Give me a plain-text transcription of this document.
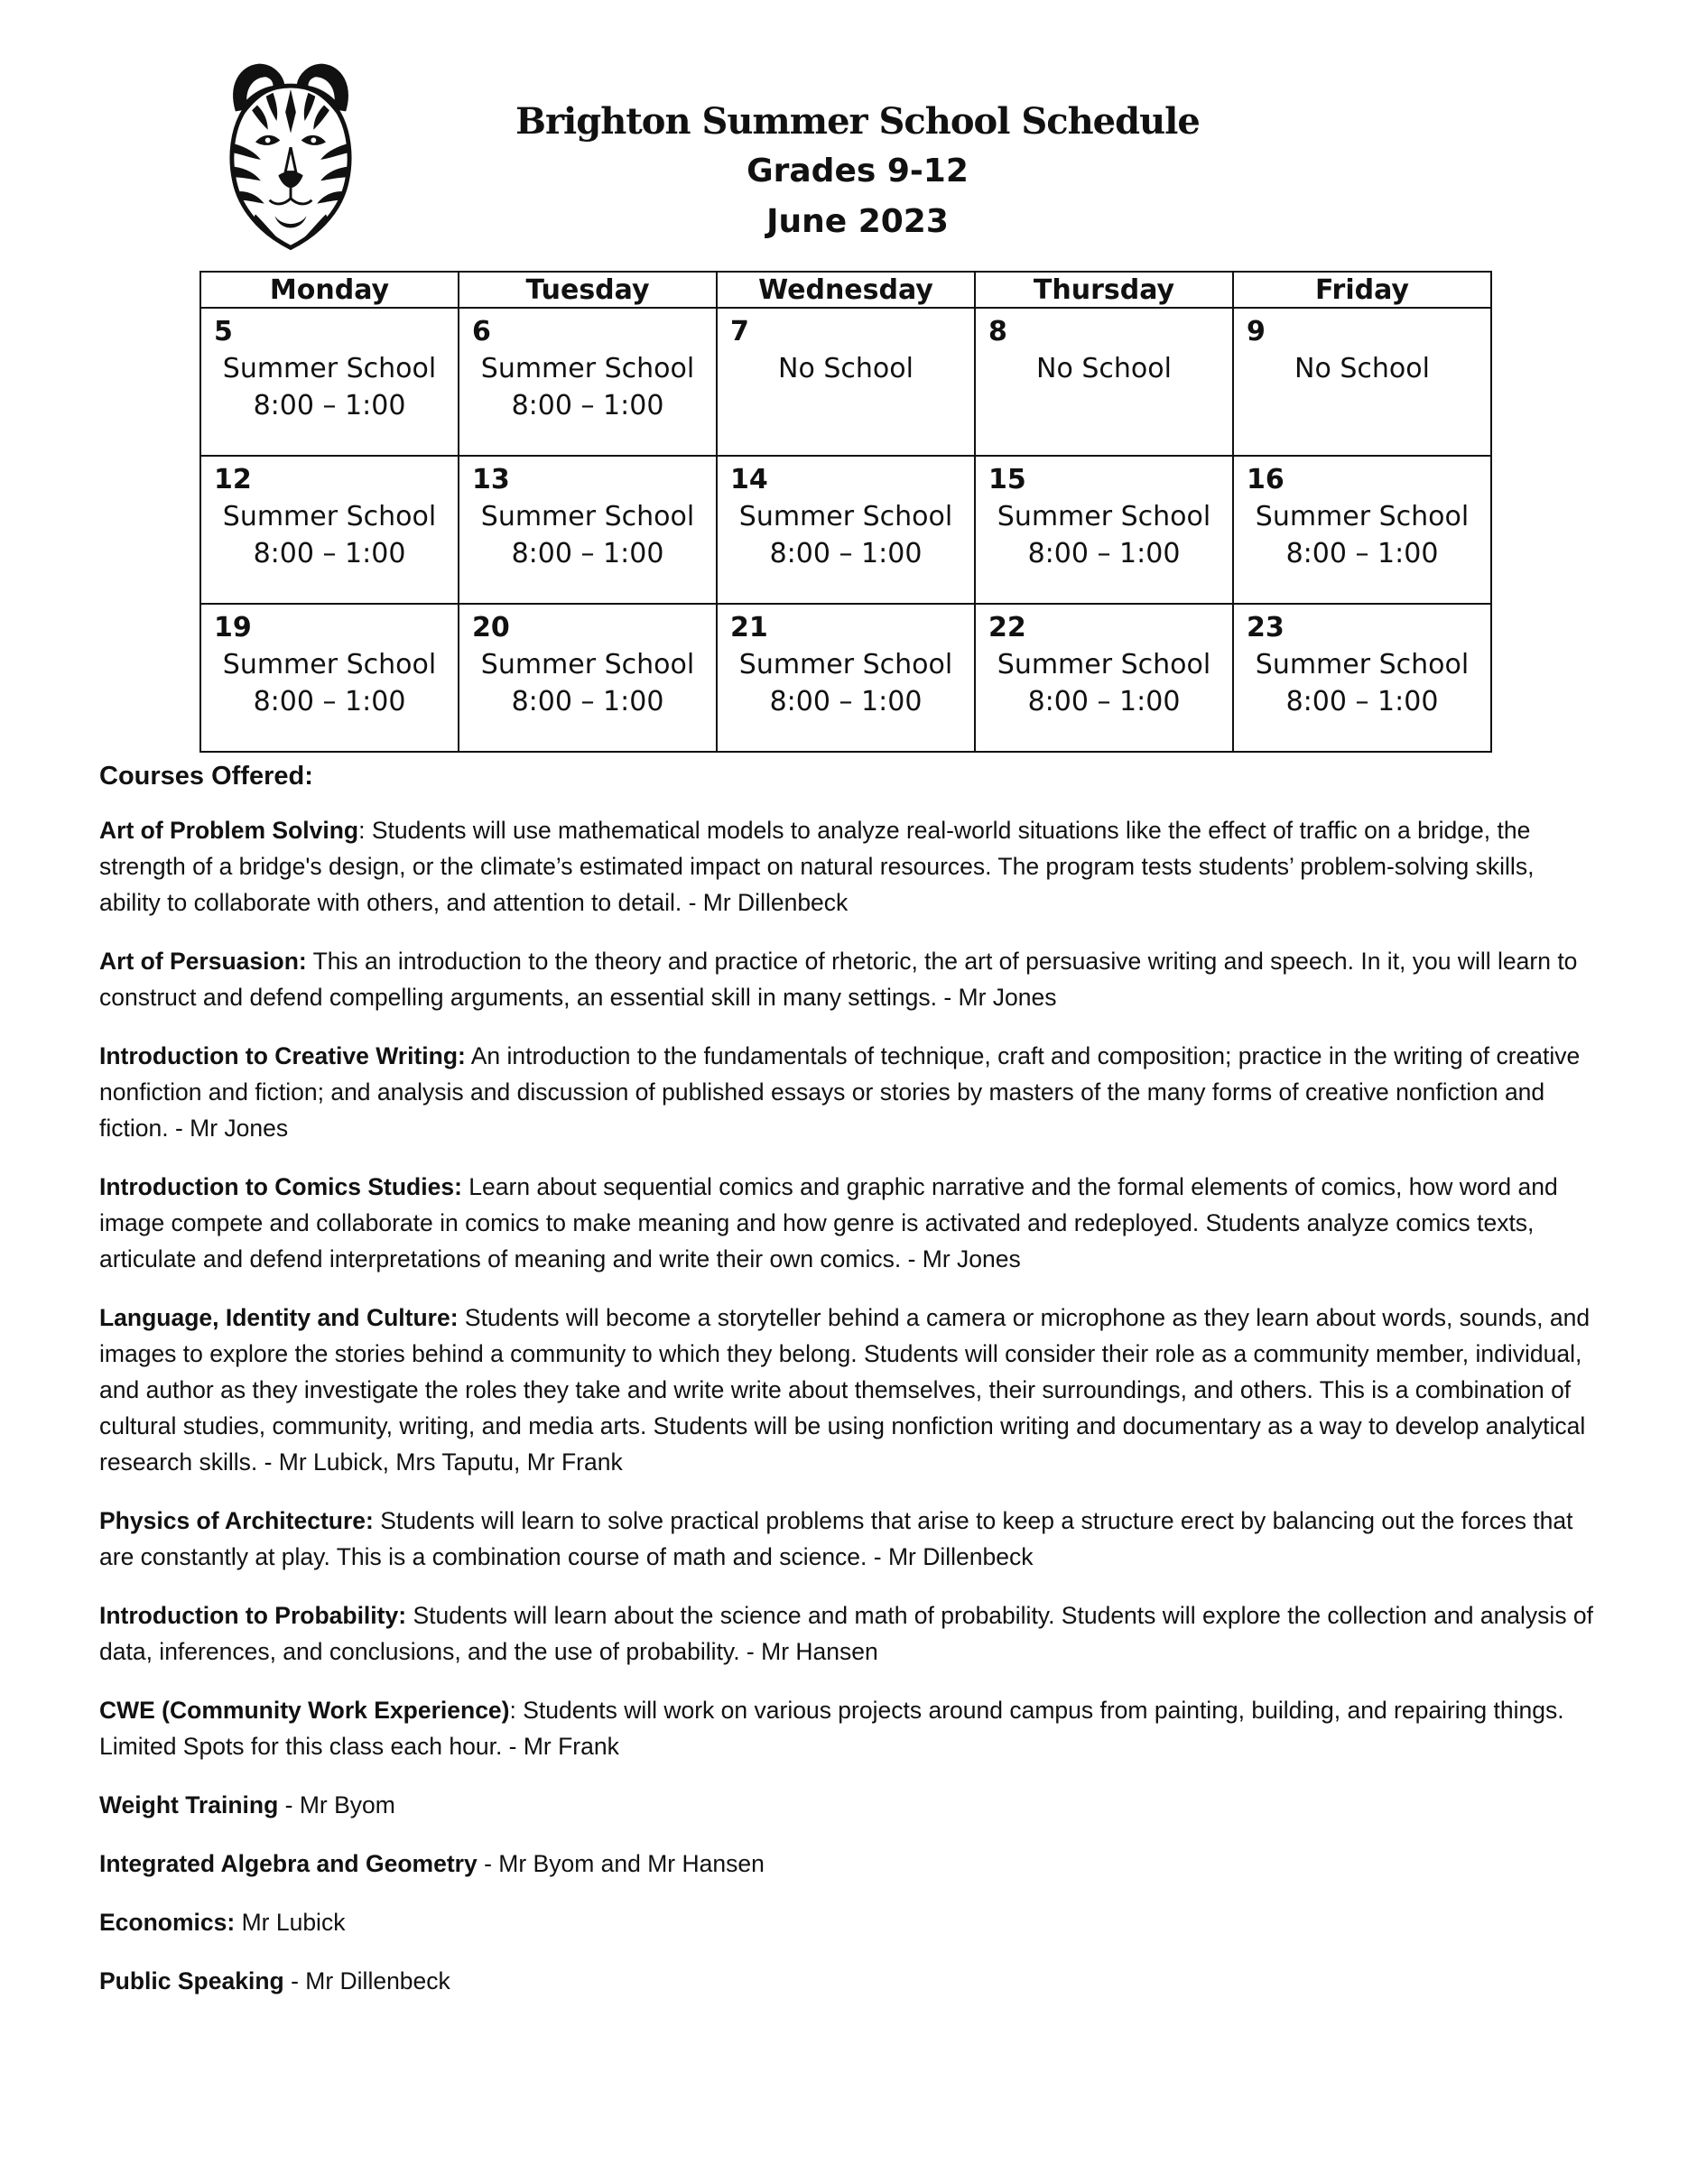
Brighton Summer School Schedule
Grades 9-12
June 2023
Monday	Tuesday	Wednesday	Thursday	Friday

5
Summer School
8:00 – 1:00	6
Summer School
8:00 – 1:00	7
No School	8
No School	9
No School

12
Summer School
8:00 – 1:00	13
Summer School
8:00 – 1:00	14
Summer School
8:00 – 1:00	15
Summer School
8:00 – 1:00	16
Summer School
8:00 – 1:00

19
Summer School
8:00 – 1:00	20
Summer School
8:00 – 1:00	21
Summer School
8:00 – 1:00	22
Summer School
8:00 – 1:00	23
Summer School
8:00 – 1:00
Courses Offered:

Art of Problem Solving: Students will use mathematical models to analyze real-world situations like the effect of traffic on a bridge, the strength of a bridge's design, or the climate’s estimated impact on natural resources. The program tests students’ problem-solving skills, ability to collaborate with others, and attention to detail. - Mr Dillenbeck

Art of Persuasion: This an introduction to the theory and practice of rhetoric, the art of persuasive writing and speech. In it, you will learn to construct and defend compelling arguments, an essential skill in many settings. - Mr Jones

Introduction to Creative Writing: An introduction to the fundamentals of technique, craft and composition; practice in the writing of creative nonfiction and fiction; and analysis and discussion of published essays or stories by masters of the many forms of creative nonfiction and fiction. - Mr Jones

Introduction to Comics Studies: Learn about sequential comics and graphic narrative and the formal elements of comics, how word and image compete and collaborate in comics to make meaning and how genre is activated and redeployed. Students analyze comics texts, articulate and defend interpretations of meaning and write their own comics. - Mr Jones

Language, Identity and Culture: Students will become a storyteller behind a camera or microphone as they learn about words, sounds, and images to explore the stories behind a community to which they belong. Students will consider their role as a community member, individual, and author as they investigate the roles they take and write write about themselves, their surroundings, and others. This is a combination of cultural studies, community, writing, and media arts. Students will be using nonfiction writing and documentary as a way to develop analytical research skills. - Mr Lubick, Mrs Taputu, Mr Frank

Physics of Architecture: Students will learn to solve practical problems that arise to keep a structure erect by balancing out the forces that are constantly at play. This is a combination course of math and science. - Mr Dillenbeck

Introduction to Probability: Students will learn about the science and math of probability. Students will explore the collection and analysis of data, inferences, and conclusions, and the use of probability. - Mr Hansen

CWE (Community Work Experience): Students will work on various projects around campus from painting, building, and repairing things. Limited Spots for this class each hour. - Mr Frank

Weight Training - Mr Byom

Integrated Algebra and Geometry - Mr Byom and Mr Hansen

Economics: Mr Lubick

Public Speaking - Mr Dillenbeck
